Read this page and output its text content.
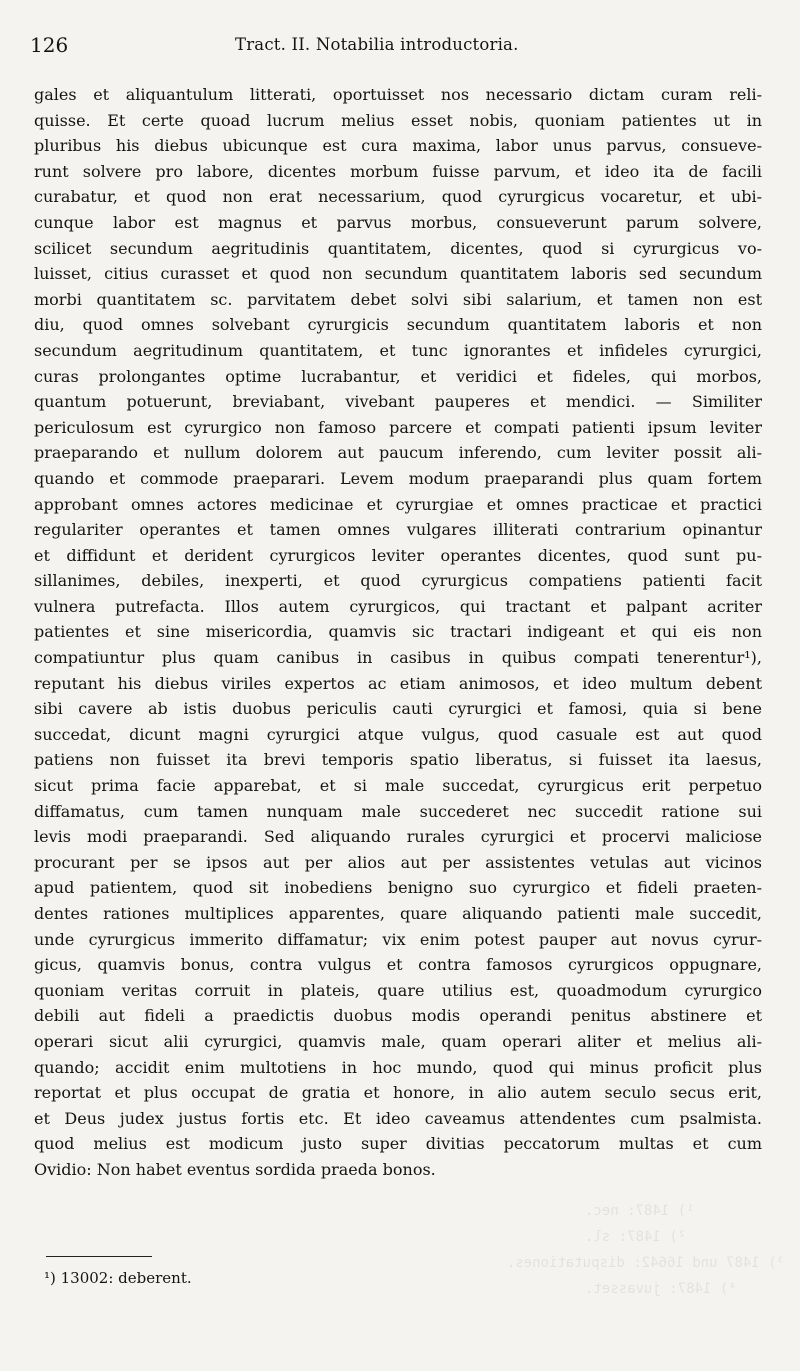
126	Tract. II. Notabilia introductoria.
gales et aliquantulum litterati, oportuisset nos necessario dictam curam reli-
quisse. Et certe quoad lucrum melius esset nobis, quoniam patientes ut in
pluribus his diebus ubicunque est cura maxima, labor unus parvus, consueve-
runt solvere pro labore, dicentes morbum fuisse parvum, et ideo ita de facili
curabatur, et quod non erat necessarium, quod cyrurgicus vocaretur, et ubi-
cunque labor est magnus et parvus morbus, consueverunt parum solvere,
scilicet secundum aegritudinis quantitatem, dicentes, quod si cyrurgicus vo-
luisset, citius curasset et quod non secundum quantitatem laboris sed secundum
morbi quantitatem sc. parvitatem debet solvi sibi salarium, et tamen non est
diu, quod omnes solvebant cyrurgicis secundum quantitatem laboris et non
secundum aegritudinum quantitatem, et tunc ignorantes et infideles cyrurgici,
curas prolongantes optime lucrabantur, et veridici et fideles, qui morbos,
quantum potuerunt, breviabant, vivebant pauperes et mendici. — Similiter
periculosum est cyrurgico non famoso parcere et compati patienti ipsum leviter
praeparando et nullum dolorem aut paucum inferendo, cum leviter possit ali-
quando et commode praeparari. Levem modum praeparandi plus quam fortem
approbant omnes actores medicinae et cyrurgiae et omnes practicae et practici
regulariter operantes et tamen omnes vulgares illiterati contrarium opinantur
et diffidunt et derident cyrurgicos leviter operantes dicentes, quod sunt pu-
sillanimes, debiles, inexperti, et quod cyrurgicus compatiens patienti facit
vulnera putrefacta. Illos autem cyrurgicos, qui tractant et palpant acriter
patientes et sine misericordia, quamvis sic tractari indigeant et qui eis non
compatiuntur plus quam canibus in casibus in quibus compati tenerentur¹),
reputant his diebus viriles expertos ac etiam animosos, et ideo multum debent
sibi cavere ab istis duobus periculis cauti cyrurgici et famosi, quia si bene
succedat, dicunt magni cyrurgici atque vulgus, quod casuale est aut quod
patiens non fuisset ita brevi temporis spatio liberatus, si fuisset ita laesus,
sicut prima facie apparebat, et si male succedat, cyrurgicus erit perpetuo
diffamatus, cum tamen nunquam male succederet nec succedit ratione sui
levis modi praeparandi. Sed aliquando rurales cyrurgici et procervi maliciose
procurant per se ipsos aut per alios aut per assistentes vetulas aut vicinos
apud patientem, quod sit inobediens benigno suo cyrurgico et fideli praeten-
dentes rationes multiplices apparentes, quare aliquando patienti male succedit,
unde cyrurgicus immerito diffamatur; vix enim potest pauper aut novus cyrur-
gicus, quamvis bonus, contra vulgus et contra famosos cyrurgicos oppugnare,
quoniam veritas corruit in plateis, quare utilius est, quoadmodum cyrurgico
debili aut fideli a praedictis duobus modis operandi penitus abstinere et
operari sicut alii cyrurgici, quamvis male, quam operari aliter et melius ali-
quando; accidit enim multotiens in hoc mundo, quod qui minus proficit plus
reportat et plus occupat de gratia et honore, in alio autem seculo secus erit,
et Deus judex justus fortis etc. Et ideo caveamus attendentes cum psalmista.
quod melius est modicum justo super divitias peccatorum multas et cum
Ovidio: Non habet eventus sordida praeda bonos.
¹) 13002: deberent.
¹) 1487: nec.
²) 1487: sl.
³) 1487 und 16642: disputationes.
⁴) 1487: juvasset.
